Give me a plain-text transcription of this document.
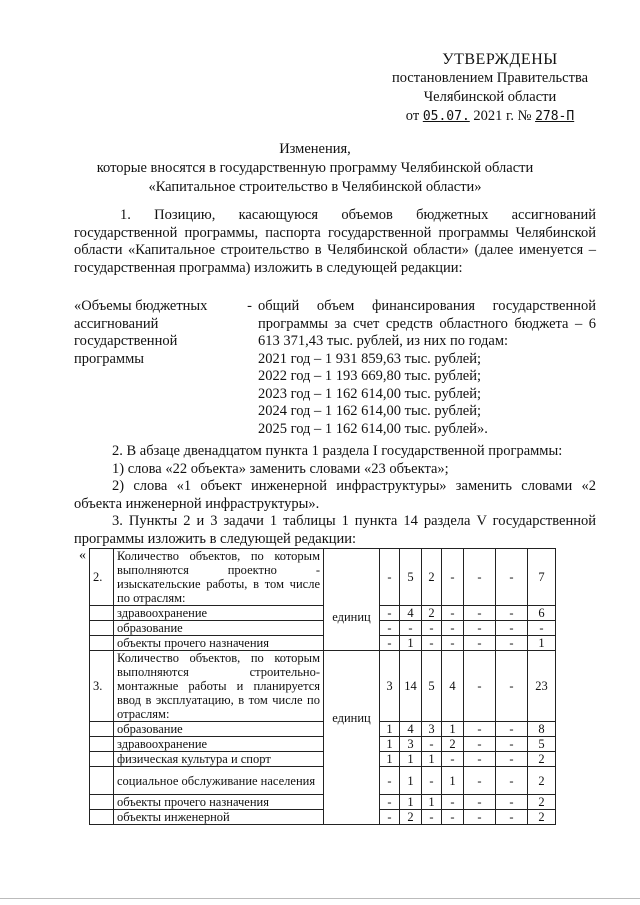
УТВЕРЖДЕНЫ
постановлением Правительства
Челябинской области
от 05.07. 2021 г. № 278-П
Изменения,
которые вносятся в государственную программу Челябинской области
«Капитальное строительство в Челябинской области»
1. Позицию, касающуюся объемов бюджетных ассигнований государственной программы, паспорта государственной программы Челябинской области «Капитальное строительство в Челябинской области» (далее именуется – государственная программа) изложить в следующей редакции:
«Объемы бюджетных	-
ассигнований государственной программы
общий объем финансирования государственной программы за счет средств областного бюджета – 6 613 371,43 тыс. рублей, из них по годам:
2021 год – 1 931 859,63 тыс. рублей;
2022 год – 1 193 669,80 тыс. рублей;
2023 год – 1 162 614,00 тыс. рублей;
2024 год – 1 162 614,00 тыс. рублей;
2025 год – 1 162 614,00 тыс. рублей».
2. В абзаце двенадцатом пункта 1 раздела I государственной программы:
1) слова «22 объекта» заменить словами «23 объекта»;
2) слова «1 объект инженерной инфраструктуры» заменить словами «2 объекта инженерной инфраструктуры».
3. Пункты 2 и 3 задачи 1 таблицы 1 пункта 14 раздела V государственной программы изложить в следующей редакции:
«
2.	Количество объектов, по которым выполняются проектно - изыскательские работы, в том числе по отраслям:	единиц	-	5	2	-	-	-	7
	здравоохранение		-	4	2	-	-	-	6
	образование		-	-	-	-	-	-	-
	объекты прочего назначения		-	1	-	-	-	-	1
3.	Количество объектов, по которым выполняются строительно-монтажные работы и планируется ввод в эксплуатацию, в том числе по отраслям:	единиц	3	14	5	4	-	-	23
	образование		1	4	3	1	-	-	8
	здравоохранение		1	3	-	2	-	-	5
	физическая культура и спорт		1	1	1	-	-	-	2
	социальное обслуживание населения		-	1	-	1	-	-	2
	объекты прочего назначения		-	1	1	-	-	-	2
	объекты инженерной		-	2	-	-	-	-	2
